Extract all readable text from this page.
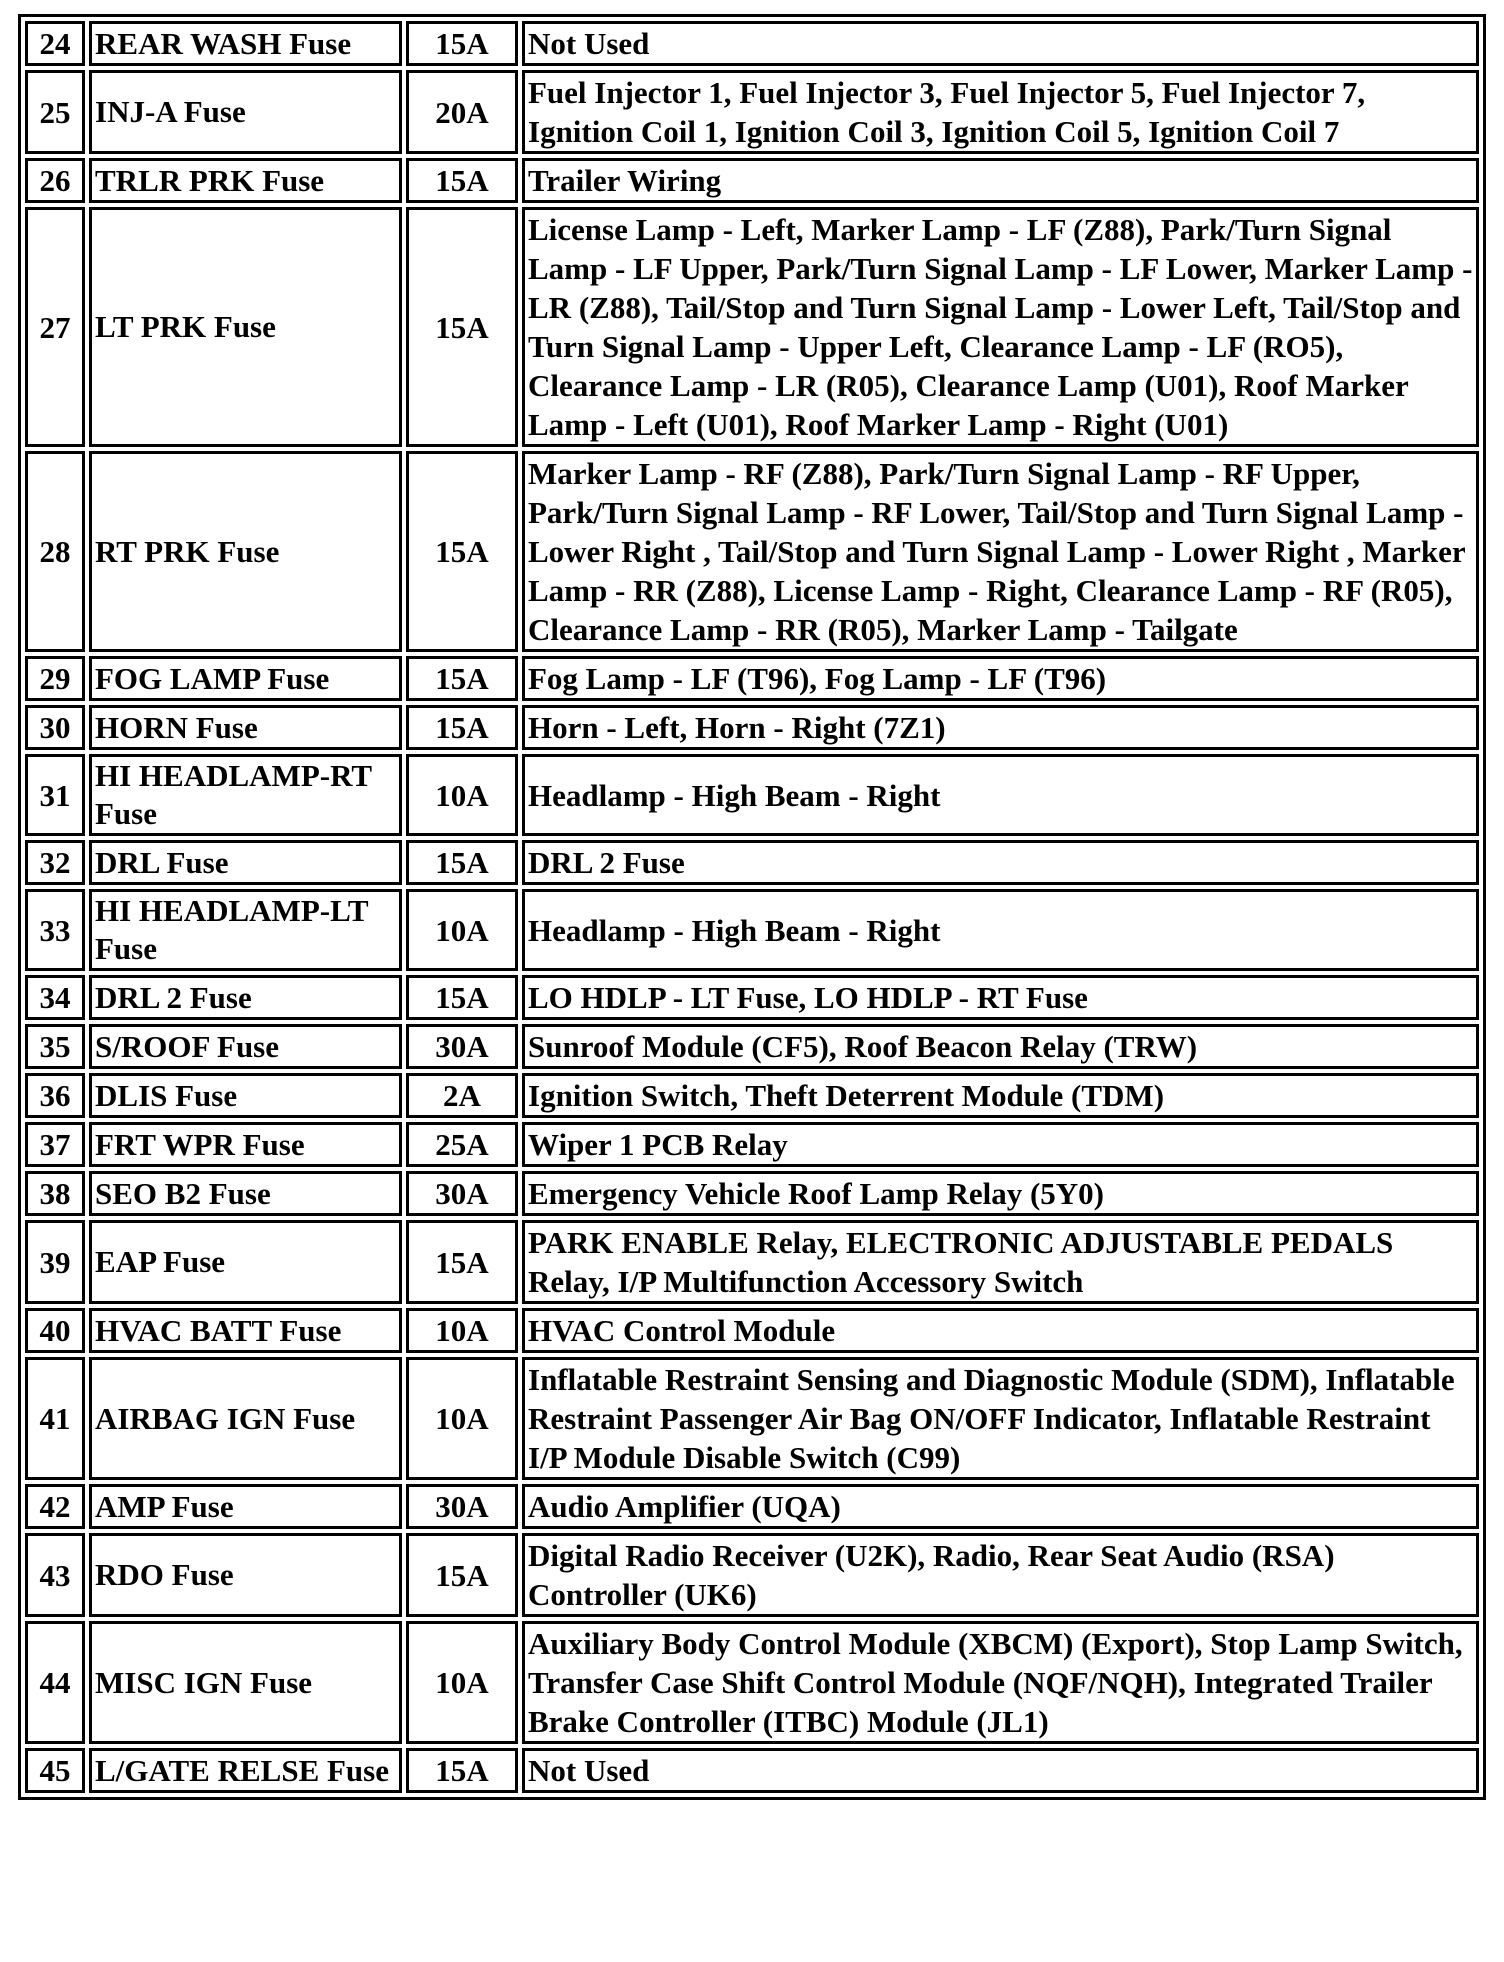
24	REAR WASH Fuse	15A	Not Used
25	INJ-A Fuse	20A	Fuel Injector 1, Fuel Injector 3, Fuel Injector 5, Fuel Injector 7, Ignition Coil 1, Ignition Coil 3, Ignition Coil 5, Ignition Coil 7
26	TRLR PRK Fuse	15A	Trailer Wiring
27	LT PRK Fuse	15A	License Lamp - Left, Marker Lamp - LF (Z88), Park/Turn Signal Lamp - LF Upper, Park/Turn Signal Lamp - LF Lower, Marker Lamp - LR (Z88), Tail/Stop and Turn Signal Lamp - Lower Left, Tail/Stop and Turn Signal Lamp - Upper Left, Clearance Lamp - LF (RO5), Clearance Lamp - LR (R05), Clearance Lamp (U01), Roof Marker Lamp - Left (U01), Roof Marker Lamp - Right (U01)
28	RT PRK Fuse	15A	Marker Lamp - RF (Z88), Park/Turn Signal Lamp - RF Upper, Park/Turn Signal Lamp - RF Lower, Tail/Stop and Turn Signal Lamp - Lower Right , Tail/Stop and Turn Signal Lamp - Lower Right , Marker Lamp - RR (Z88), License Lamp - Right, Clearance Lamp - RF (R05), Clearance Lamp - RR (R05), Marker Lamp - Tailgate
29	FOG LAMP Fuse	15A	Fog Lamp - LF (T96), Fog Lamp - LF (T96)
30	HORN Fuse	15A	Horn - Left, Horn - Right (7Z1)
31	HI HEADLAMP-RT Fuse	10A	Headlamp - High Beam - Right
32	DRL Fuse	15A	DRL 2 Fuse
33	HI HEADLAMP-LT Fuse	10A	Headlamp - High Beam - Right
34	DRL 2 Fuse	15A	LO HDLP - LT Fuse, LO HDLP - RT Fuse
35	S/ROOF Fuse	30A	Sunroof Module (CF5), Roof Beacon Relay (TRW)
36	DLIS Fuse	2A	Ignition Switch, Theft Deterrent Module (TDM)
37	FRT WPR Fuse	25A	Wiper 1 PCB Relay
38	SEO B2 Fuse	30A	Emergency Vehicle Roof Lamp Relay (5Y0)
39	EAP Fuse	15A	PARK ENABLE Relay, ELECTRONIC ADJUSTABLE PEDALS Relay, I/P Multifunction Accessory Switch
40	HVAC BATT Fuse	10A	HVAC Control Module
41	AIRBAG IGN Fuse	10A	Inflatable Restraint Sensing and Diagnostic Module (SDM), Inflatable Restraint Passenger Air Bag ON/OFF Indicator, Inflatable Restraint I/P Module Disable Switch (C99)
42	AMP Fuse	30A	Audio Amplifier (UQA)
43	RDO Fuse	15A	Digital Radio Receiver (U2K), Radio, Rear Seat Audio (RSA) Controller (UK6)
44	MISC IGN Fuse	10A	Auxiliary Body Control Module (XBCM) (Export), Stop Lamp Switch, Transfer Case Shift Control Module (NQF/NQH), Integrated Trailer Brake Controller (ITBC) Module (JL1)
45	L/GATE RELSE Fuse	15A	Not Used
